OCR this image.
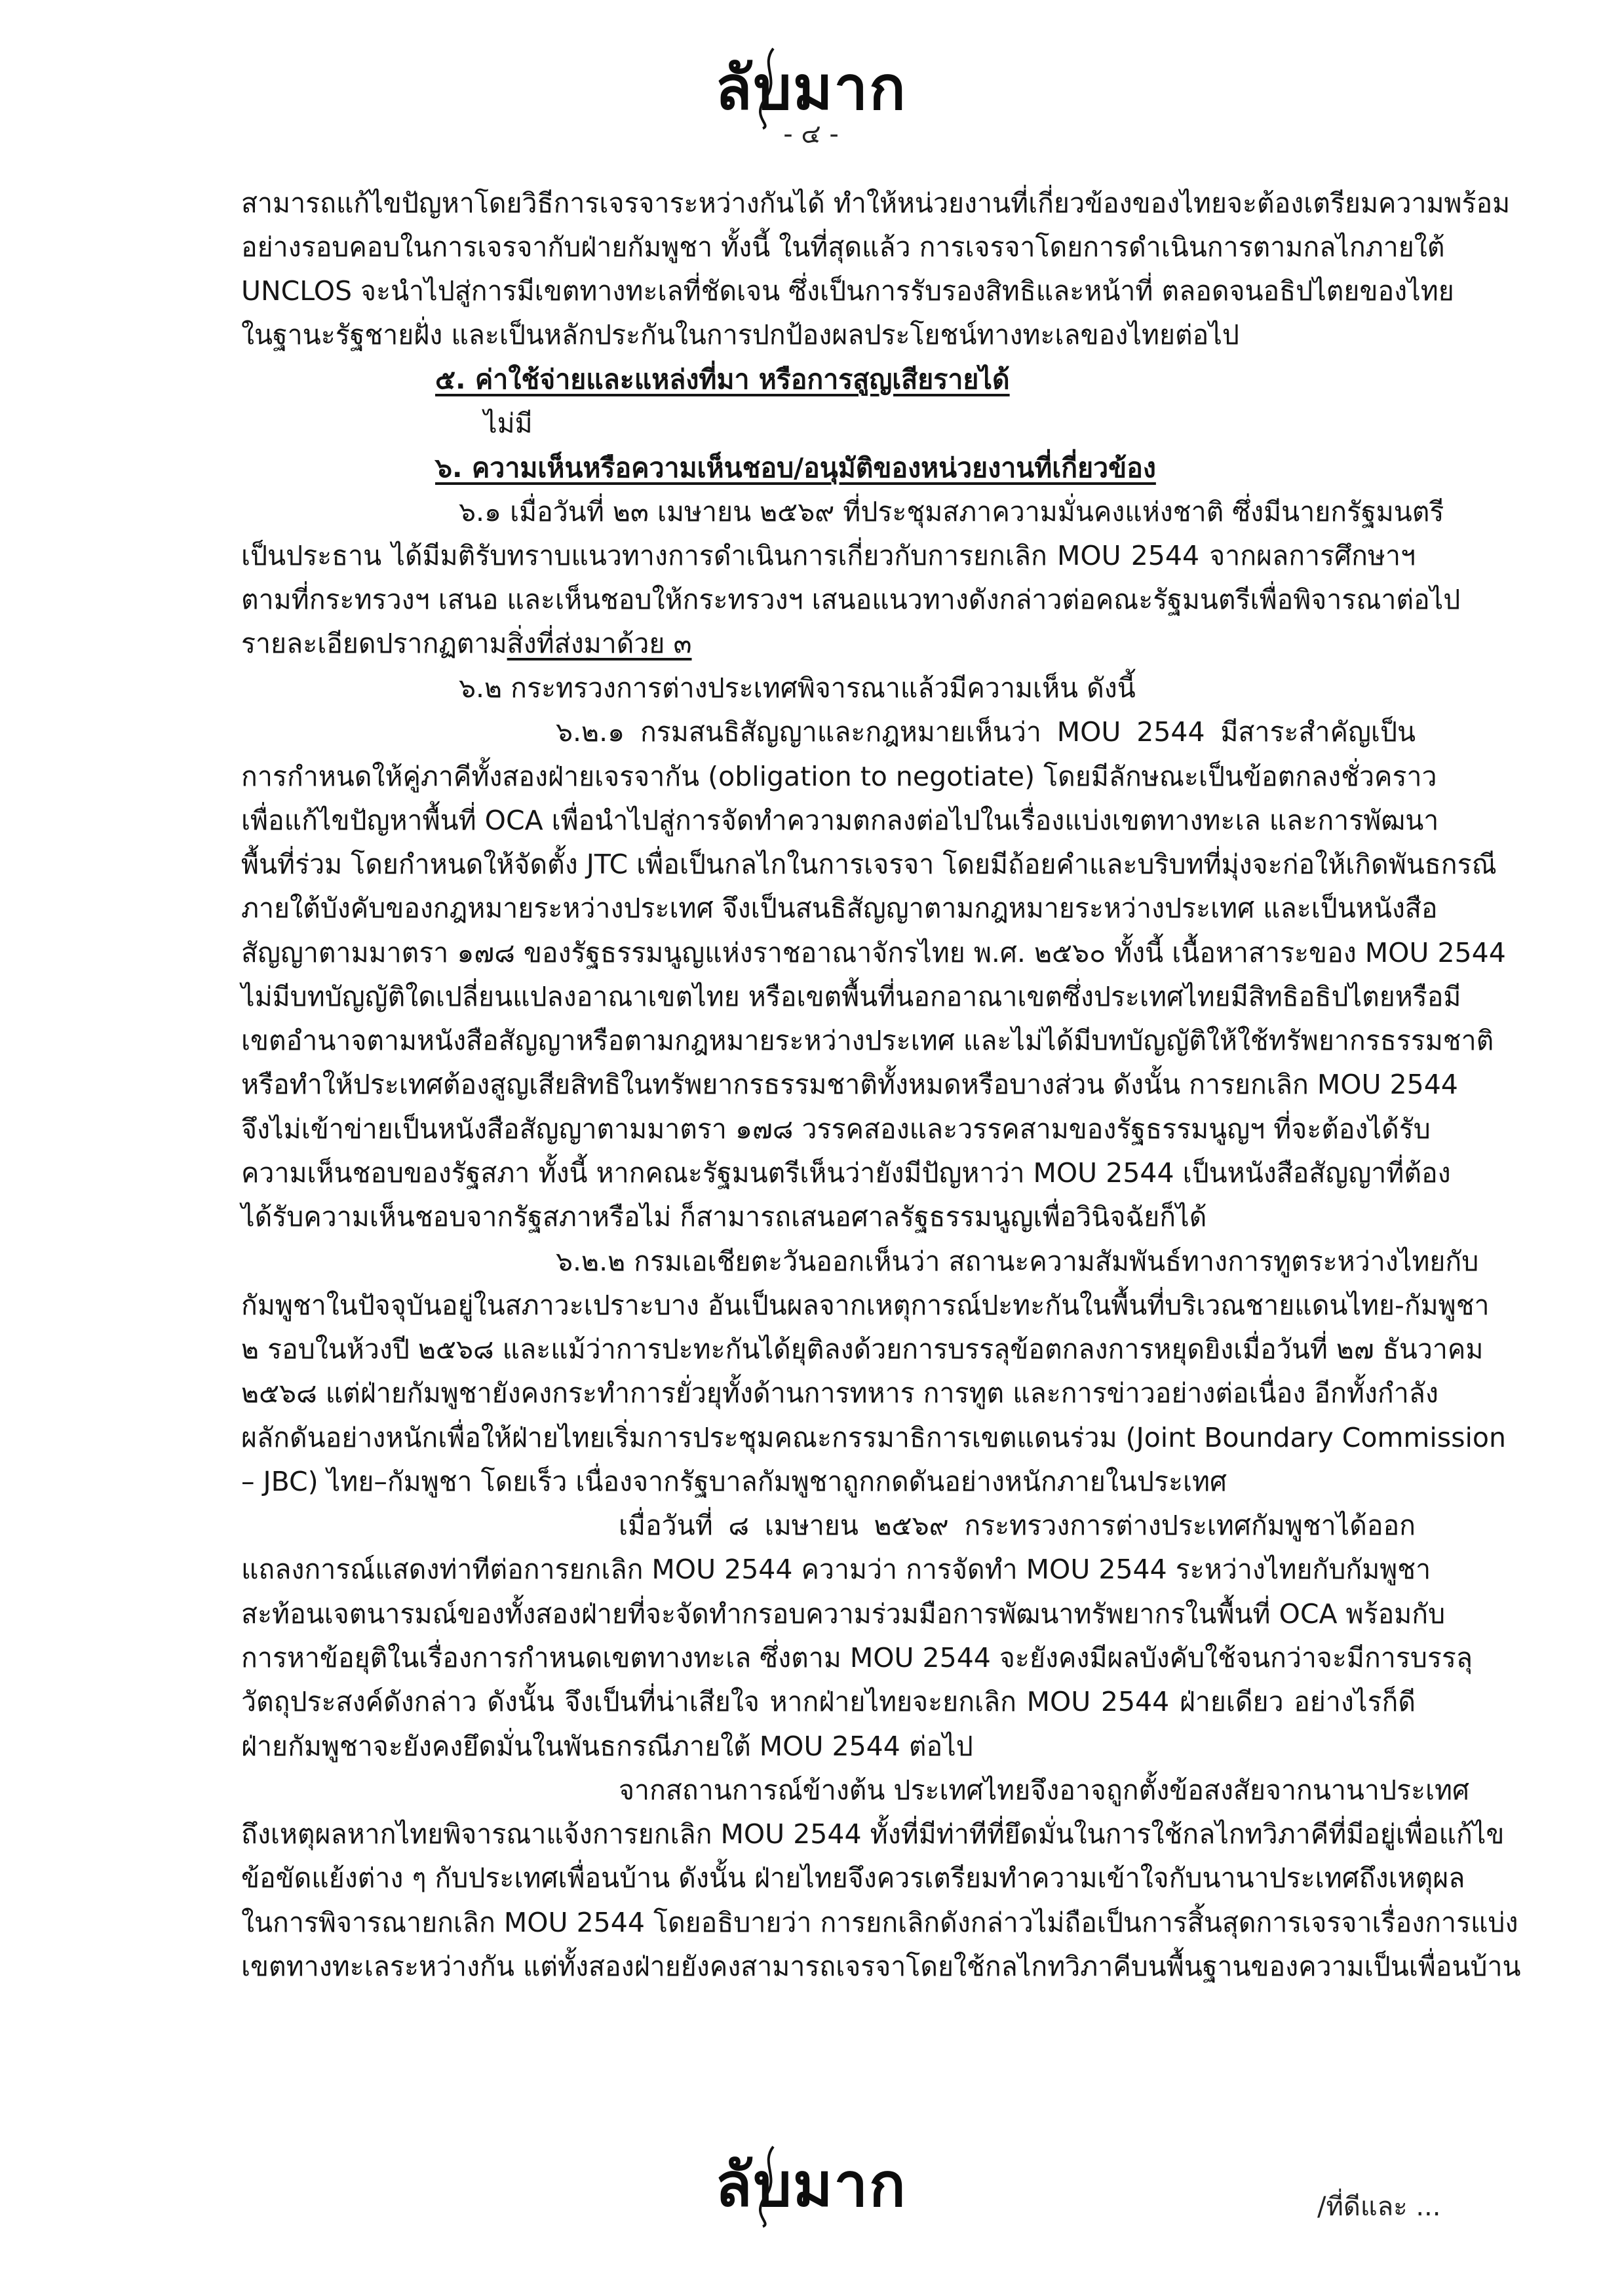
ลับมาก
- ๔ -
สามารถแก้ไขปัญหาโดยวิธีการเจรจาระหว่างกันได้ ทำให้หน่วยงานที่เกี่ยวข้องของไทยจะต้องเตรียมความพร้อม
อย่างรอบคอบในการเจรจากับฝ่ายกัมพูชา ทั้งนี้ ในที่สุดแล้ว การเจรจาโดยการดำเนินการตามกลไกภายใต้
UNCLOS จะนำไปสู่การมีเขตทางทะเลที่ชัดเจน ซึ่งเป็นการรับรองสิทธิและหน้าที่ ตลอดจนอธิปไตยของไทย
ในฐานะรัฐชายฝั่ง และเป็นหลักประกันในการปกป้องผลประโยชน์ทางทะเลของไทยต่อไป
๕. ค่าใช้จ่ายและแหล่งที่มา หรือการสูญเสียรายได้
ไม่มี
๖. ความเห็นหรือความเห็นชอบ/อนุมัติของหน่วยงานที่เกี่ยวข้อง
๖.๑ เมื่อวันที่ ๒๓ เมษายน ๒๕๖๙ ที่ประชุมสภาความมั่นคงแห่งชาติ ซึ่งมีนายกรัฐมนตรี
เป็นประธาน ได้มีมติรับทราบแนวทางการดำเนินการเกี่ยวกับการยกเลิก MOU 2544 จากผลการศึกษาฯ
ตามที่กระทรวงฯ เสนอ และเห็นชอบให้กระทรวงฯ เสนอแนวทางดังกล่าวต่อคณะรัฐมนตรีเพื่อพิจารณาต่อไป
รายละเอียดปรากฏตามสิ่งที่ส่งมาด้วย ๓
๖.๒ กระทรวงการต่างประเทศพิจารณาแล้วมีความเห็น ดังนี้
๖.๒.๑ กรมสนธิสัญญาและกฎหมายเห็นว่า MOU 2544 มีสาระสำคัญเป็น
การกำหนดให้คู่ภาคีทั้งสองฝ่ายเจรจากัน (obligation to negotiate) โดยมีลักษณะเป็นข้อตกลงชั่วคราว
เพื่อแก้ไขปัญหาพื้นที่ OCA เพื่อนำไปสู่การจัดทำความตกลงต่อไปในเรื่องแบ่งเขตทางทะเล และการพัฒนา
พื้นที่ร่วม โดยกำหนดให้จัดตั้ง JTC เพื่อเป็นกลไกในการเจรจา โดยมีถ้อยคำและบริบทที่มุ่งจะก่อให้เกิดพันธกรณี
ภายใต้บังคับของกฎหมายระหว่างประเทศ จึงเป็นสนธิสัญญาตามกฎหมายระหว่างประเทศ และเป็นหนังสือ
สัญญาตามมาตรา ๑๗๘ ของรัฐธรรมนูญแห่งราชอาณาจักรไทย พ.ศ. ๒๕๖๐ ทั้งนี้ เนื้อหาสาระของ MOU 2544
ไม่มีบทบัญญัติใดเปลี่ยนแปลงอาณาเขตไทย หรือเขตพื้นที่นอกอาณาเขตซึ่งประเทศไทยมีสิทธิอธิปไตยหรือมี
เขตอำนาจตามหนังสือสัญญาหรือตามกฎหมายระหว่างประเทศ และไม่ได้มีบทบัญญัติให้ใช้ทรัพยากรธรรมชาติ
หรือทำให้ประเทศต้องสูญเสียสิทธิในทรัพยากรธรรมชาติทั้งหมดหรือบางส่วน ดังนั้น การยกเลิก MOU 2544
จึงไม่เข้าข่ายเป็นหนังสือสัญญาตามมาตรา ๑๗๘ วรรคสองและวรรคสามของรัฐธรรมนูญฯ ที่จะต้องได้รับ
ความเห็นชอบของรัฐสภา ทั้งนี้ หากคณะรัฐมนตรีเห็นว่ายังมีปัญหาว่า MOU 2544 เป็นหนังสือสัญญาที่ต้อง
ได้รับความเห็นชอบจากรัฐสภาหรือไม่ ก็สามารถเสนอศาลรัฐธรรมนูญเพื่อวินิจฉัยก็ได้
๖.๒.๒ กรมเอเชียตะวันออกเห็นว่า สถานะความสัมพันธ์ทางการทูตระหว่างไทยกับ
กัมพูชาในปัจจุบันอยู่ในสภาวะเปราะบาง อันเป็นผลจากเหตุการณ์ปะทะกันในพื้นที่บริเวณชายแดนไทย-กัมพูชา
๒ รอบในห้วงปี ๒๕๖๘ และแม้ว่าการปะทะกันได้ยุติลงด้วยการบรรลุข้อตกลงการหยุดยิงเมื่อวันที่ ๒๗ ธันวาคม
๒๕๖๘ แต่ฝ่ายกัมพูชายังคงกระทำการยั่วยุทั้งด้านการทหาร การทูต และการข่าวอย่างต่อเนื่อง อีกทั้งกำลัง
ผลักดันอย่างหนักเพื่อให้ฝ่ายไทยเริ่มการประชุมคณะกรรมาธิการเขตแดนร่วม (Joint Boundary Commission
– JBC) ไทย–กัมพูชา โดยเร็ว เนื่องจากรัฐบาลกัมพูชาถูกกดดันอย่างหนักภายในประเทศ
เมื่อวันที่ ๘ เมษายน ๒๕๖๙ กระทรวงการต่างประเทศกัมพูชาได้ออก
แถลงการณ์แสดงท่าทีต่อการยกเลิก MOU 2544 ความว่า การจัดทำ MOU 2544 ระหว่างไทยกับกัมพูชา
สะท้อนเจตนารมณ์ของทั้งสองฝ่ายที่จะจัดทำกรอบความร่วมมือการพัฒนาทรัพยากรในพื้นที่ OCA พร้อมกับ
การหาข้อยุติในเรื่องการกำหนดเขตทางทะเล ซึ่งตาม MOU 2544 จะยังคงมีผลบังคับใช้จนกว่าจะมีการบรรลุ
วัตถุประสงค์ดังกล่าว ดังนั้น จึงเป็นที่น่าเสียใจ หากฝ่ายไทยจะยกเลิก MOU 2544 ฝ่ายเดียว อย่างไรก็ดี
ฝ่ายกัมพูชาจะยังคงยึดมั่นในพันธกรณีภายใต้ MOU 2544 ต่อไป
จากสถานการณ์ข้างต้น ประเทศไทยจึงอาจถูกตั้งข้อสงสัยจากนานาประเทศ
ถึงเหตุผลหากไทยพิจารณาแจ้งการยกเลิก MOU 2544 ทั้งที่มีท่าทีที่ยึดมั่นในการใช้กลไกทวิภาคีที่มีอยู่เพื่อแก้ไข
ข้อขัดแย้งต่าง ๆ กับประเทศเพื่อนบ้าน ดังนั้น ฝ่ายไทยจึงควรเตรียมทำความเข้าใจกับนานาประเทศถึงเหตุผล
ในการพิจารณายกเลิก MOU 2544 โดยอธิบายว่า การยกเลิกดังกล่าวไม่ถือเป็นการสิ้นสุดการเจรจาเรื่องการแบ่ง
เขตทางทะเลระหว่างกัน แต่ทั้งสองฝ่ายยังคงสามารถเจรจาโดยใช้กลไกทวิภาคีบนพื้นฐานของความเป็นเพื่อนบ้าน
ลับมาก	/ที่ดีและ ...
